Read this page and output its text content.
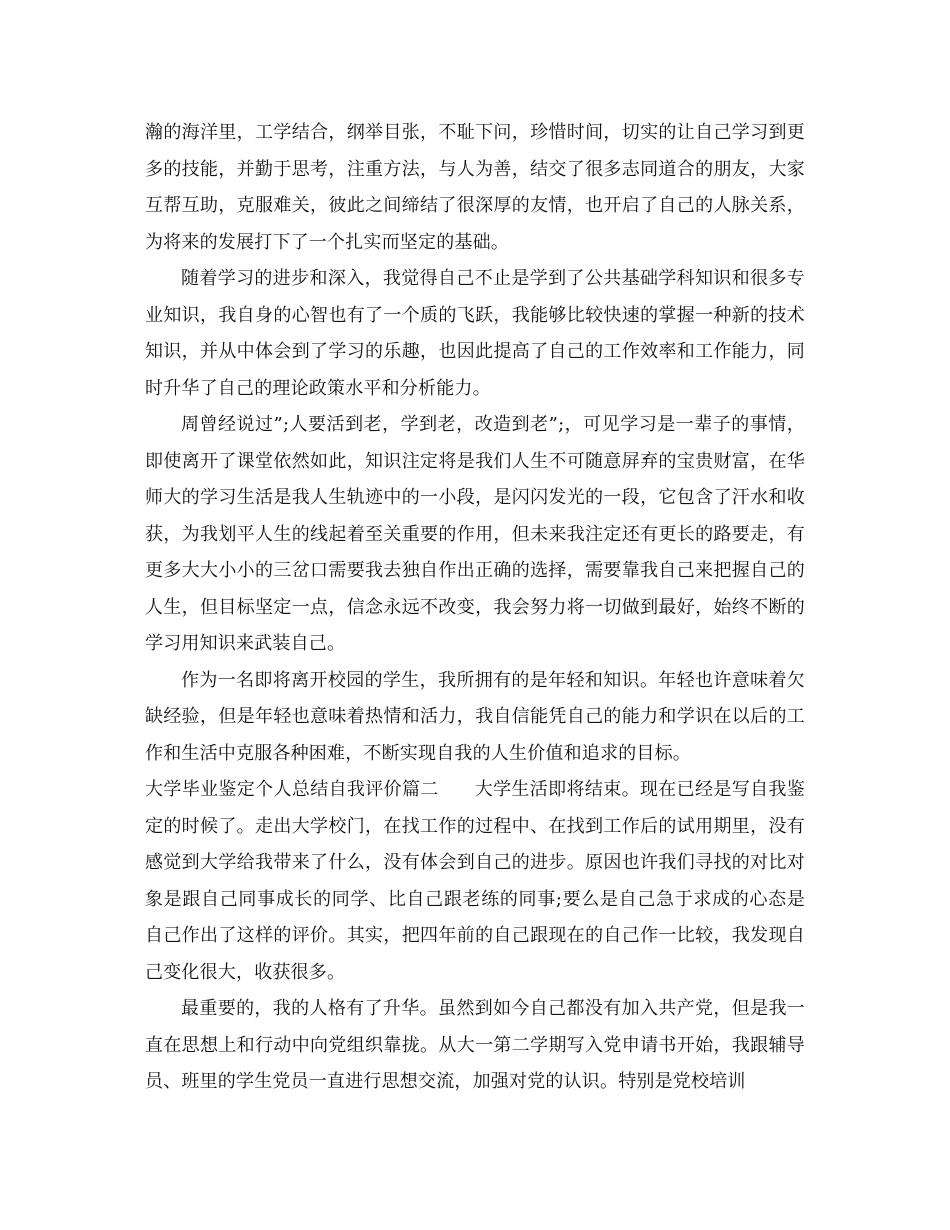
瀚的海洋里，工学结合，纲举目张，不耻下问，珍惜时间，切实的让自己学习到更多的技能，并勤于思考，注重方法，与人为善，结交了很多志同道合的朋友，大家互帮互助，克服难关，彼此之间缔结了很深厚的友情，也开启了自己的人脉关系，为将来的发展打下了一个扎实而坚定的基础。

随着学习的进步和深入，我觉得自己不止是学到了公共基础学科知识和很多专业知识，我自身的心智也有了一个质的飞跃，我能够比较快速的掌握一种新的技术知识，并从中体会到了学习的乐趣，也因此提高了自己的工作效率和工作能力，同时升华了自己的理论政策水平和分析能力。

周曾经说过”;人要活到老，学到老，改造到老”;，可见学习是一辈子的事情，即使离开了课堂依然如此，知识注定将是我们人生不可随意屏弃的宝贵财富，在华师大的学习生活是我人生轨迹中的一小段，是闪闪发光的一段，它包含了汗水和收获，为我划平人生的线起着至关重要的作用，但未来我注定还有更长的路要走，有更多大大小小的三岔口需要我去独自作出正确的选择，需要靠我自己来把握自己的人生，但目标坚定一点，信念永远不改变，我会努力将一切做到最好，始终不断的学习用知识来武装自己。

作为一名即将离开校园的学生，我所拥有的是年轻和知识。年轻也许意味着欠缺经验，但是年轻也意味着热情和活力，我自信能凭自己的能力和学识在以后的工作和生活中克服各种困难，不断实现自我的人生价值和追求的目标。

大学毕业鉴定个人总结自我评价篇二 大学生活即将结束。现在已经是写自我鉴定的时候了。走出大学校门，在找工作的过程中、在找到工作后的试用期里，没有感觉到大学给我带来了什么，没有体会到自己的进步。原因也许我们寻找的对比对象是跟自己同事成长的同学、比自己跟老练的同事;要么是自己急于求成的心态是自己作出了这样的评价。其实，把四年前的自己跟现在的自己作一比较，我发现自己变化很大，收获很多。

最重要的，我的人格有了升华。虽然到如今自己都没有加入共产党，但是我一直在思想上和行动中向党组织靠拢。从大一第二学期写入党申请书开始，我跟辅导员、班里的学生党员一直进行思想交流，加强对党的认识。特别是党校培训
